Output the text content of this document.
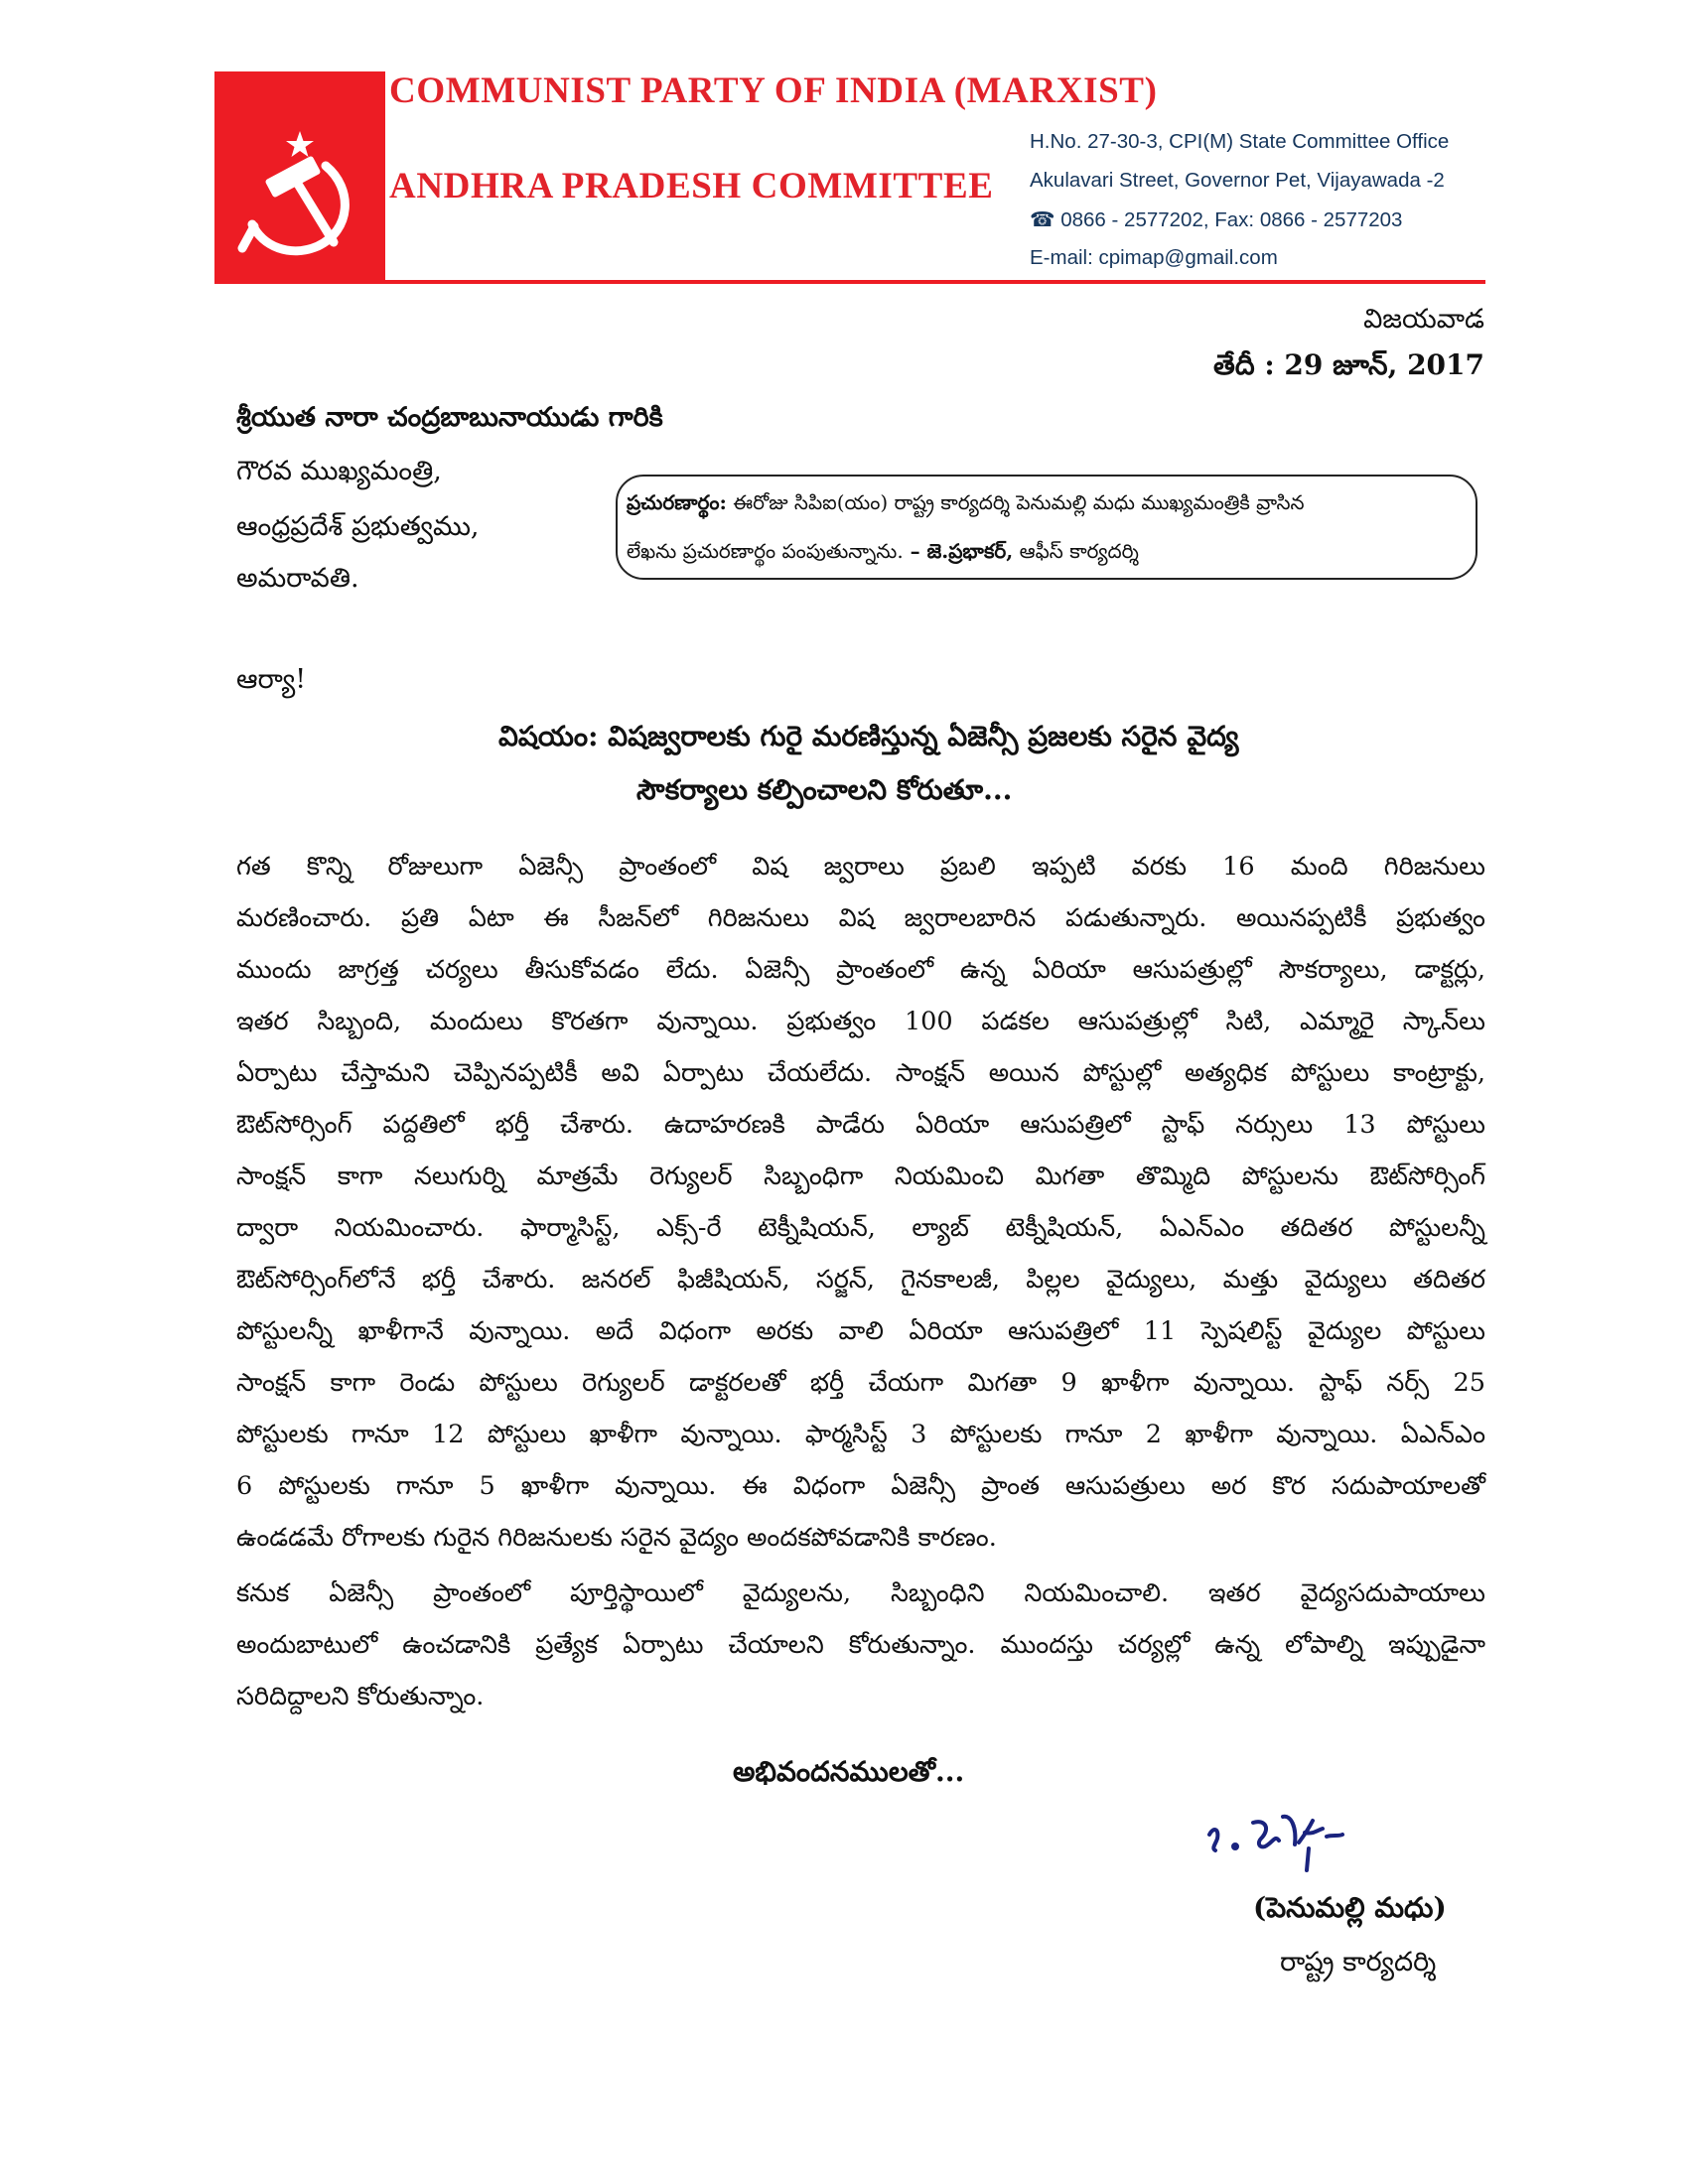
COMMUNIST PARTY OF INDIA (MARXIST)
ANDHRA PRADESH COMMITTEE
H.No. 27-30-3, CPI(M) State Committee Office
Akulavari Street, Governor Pet, Vijayawada -2
☎ 0866 - 2577202, Fax: 0866 - 2577203
E-mail: cpimap@gmail.com
విజయవాడ
తేదీ : 29 జూన్‌, 2017
శ్రీయుత నారా చంద్రబాబునాయుడు గారికి
గౌరవ ముఖ్యమంత్రి,
ఆంధ్రప్రదేశ్‌ ప్రభుత్వము,
అమరావతి.
ప్రచురణార్థం: ఈరోజు సిపిఐ(యం) రాష్ట్ర కార్యదర్శి పెనుమల్లి మధు ముఖ్యమంత్రికి వ్రాసిన
లేఖను ప్రచురణార్థం పంపుతున్నాను. – జె.ప్రభాకర్‌, ఆఫీస్‌ కార్యదర్శి
ఆర్యా!
విషయం: విషజ్వరాలకు గురై మరణిస్తున్న ఏజెన్సీ ప్రజలకు సరైన వైద్య
సౌకర్యాలు కల్పించాలని కోరుతూ...
గత కొన్ని రోజులుగా ఏజెన్సీ ప్రాంతంలో విష జ్వరాలు ప్రబలి ఇప్పటి వరకు 16 మంది గిరిజనులు
మరణించారు. ప్రతి ఏటా ఈ సీజన్‌లో గిరిజనులు విష జ్వరాలబారిన పడుతున్నారు. అయినప్పటికీ ప్రభుత్వం
ముందు జాగ్రత్త చర్యలు తీసుకోవడం లేదు. ఏజెన్సీ ప్రాంతంలో ఉన్న ఏరియా ఆసుపత్రుల్లో సౌకర్యాలు, డాక్టర్లు,
ఇతర సిబ్బంది, మందులు కొరతగా వున్నాయి. ప్రభుత్వం 100 పడకల ఆసుపత్రుల్లో సిటి, ఎమ్మారై స్కాన్‌లు
ఏర్పాటు చేస్తామని చెప్పినప్పటికీ అవి ఏర్పాటు చేయలేదు. సాంక్షన్‌ అయిన పోస్టుల్లో అత్యధిక పోస్టులు కాంట్రాక్టు,
ఔట్‌సోర్సింగ్‌ పద్దతిలో భర్తీ చేశారు. ఉదాహరణకి పాడేరు ఏరియా ఆసుపత్రిలో స్టాఫ్‌ నర్సులు 13 పోస్టులు
సాంక్షన్‌ కాగా నలుగుర్ని మాత్రమే రెగ్యులర్‌ సిబ్బంధిగా నియమించి మిగతా తొమ్మిది పోస్టులను ఔట్‌సోర్సింగ్‌
ద్వారా నియమించారు. ఫార్మాసిస్ట్‌, ఎక్స్‌-రే టెక్నీషియన్‌, ల్యాబ్‌ టెక్నీషియన్‌, ఏఎన్‌ఎం తదితర పోస్టులన్నీ
ఔట్‌సోర్సింగ్‌లోనే భర్తీ చేశారు. జనరల్‌ ఫిజీషియన్‌, సర్జన్‌, గైనకాలజీ, పిల్లల వైద్యులు, మత్తు వైద్యులు తదితర
పోస్టులన్నీ ఖాళీగానే వున్నాయి. అదే విధంగా అరకు వాలి ఏరియా ఆసుపత్రిలో 11 స్పెషలిస్ట్‌ వైద్యుల పోస్టులు
సాంక్షన్‌ కాగా రెండు పోస్టులు రెగ్యులర్‌ డాక్టరలతో భర్తీ చేయగా మిగతా 9 ఖాళీగా వున్నాయి. స్టాఫ్‌ నర్స్‌ 25
పోస్టులకు గానూ 12 పోస్టులు ఖాళీగా వున్నాయి. ఫార్మసిస్ట్‌ 3 పోస్టులకు గానూ 2 ఖాళీగా వున్నాయి. ఏఎన్‌ఎం
6 పోస్టులకు గానూ 5 ఖాళీగా వున్నాయి. ఈ విధంగా ఏజెన్సీ ప్రాంత ఆసుపత్రులు అర కొర సదుపాయాలతో
ఉండడమే రోగాలకు గురైన గిరిజనులకు సరైన వైద్యం అందకపోవడానికి కారణం.
కనుక ఏజెన్సీ ప్రాంతంలో పూర్తిస్థాయిలో వైద్యులను, సిబ్బంధిని నియమించాలి. ఇతర వైద్యసదుపాయాలు
అందుబాటులో ఉంచడానికి ప్రత్యేక ఏర్పాటు చేయాలని కోరుతున్నాం. ముందస్తు చర్యల్లో ఉన్న లోపాల్ని ఇప్పుడైనా
సరిదిద్దాలని కోరుతున్నాం.
అభివందనములతో...
(పెనుమల్లి మధు)
రాష్ట్ర కార్యదర్శి
